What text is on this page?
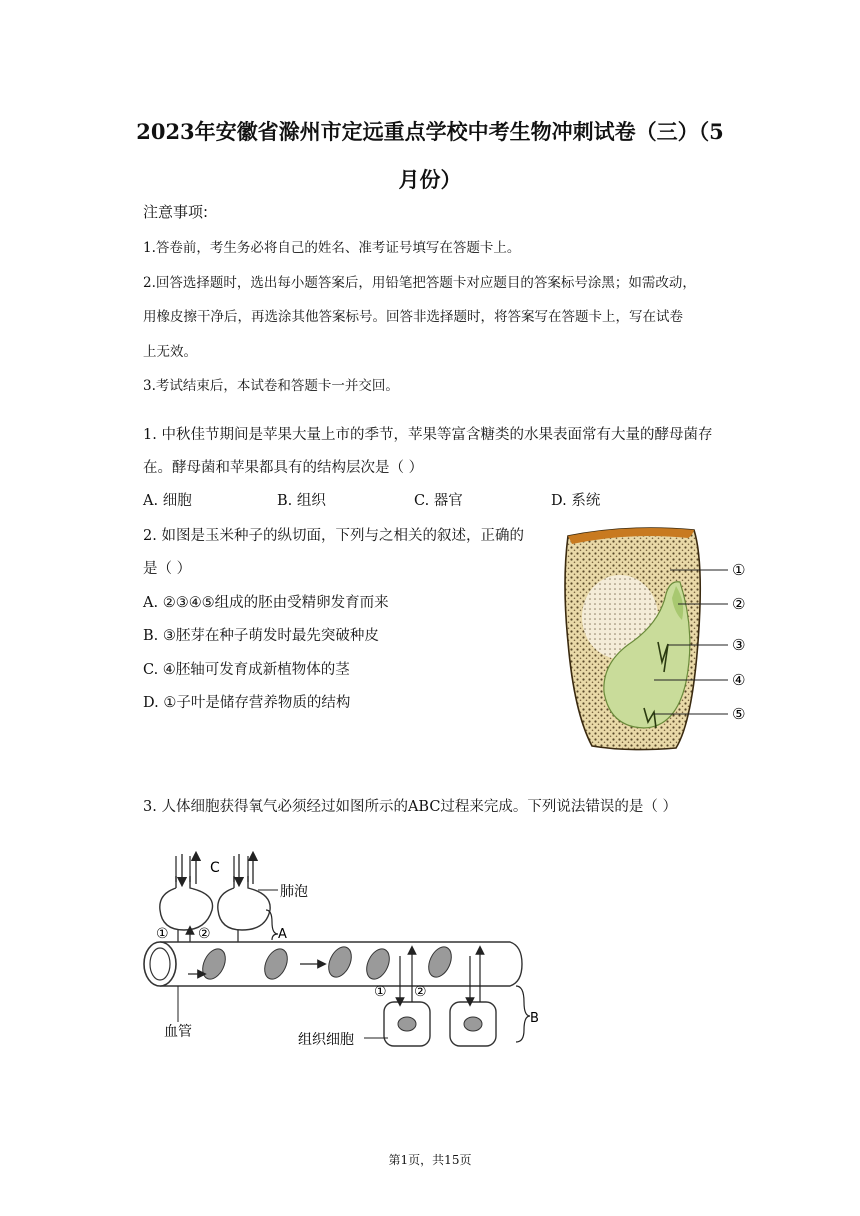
2023年安徽省滁州市定远重点学校中考生物冲刺试卷（三）（5
月份）
注意事项:
1.答卷前，考生务必将自己的姓名、准考证号填写在答题卡上。
2.回答选择题时，选出每小题答案后，用铅笔把答题卡对应题目的答案标号涂黑；如需改动，
用橡皮擦干净后，再选涂其他答案标号。回答非选择题时，将答案写在答题卡上，写在试卷
上无效。
3.考试结束后，本试卷和答题卡一并交回。
1. 中秋佳节期间是苹果大量上市的季节，苹果等富含糖类的水果表面常有大量的酵母菌存
在。酵母菌和苹果都具有的结构层次是（ ）
A. 细胞	B. 组织	C. 器官	D. 系统
2. 如图是玉米种子的纵切面，下列与之相关的叙述，正确的
是（ ）
A. ②③④⑤组成的胚由受精卵发育而来
B. ③胚芽在种子萌发时最先突破种皮
C. ④胚轴可发育成新植物体的茎
D. ①子叶是储存营养物质的结构
①
②
③
④
⑤
3. 人体细胞获得氧气必须经过如图所示的ABC过程来完成。下列说法错误的是（ ）
C
肺泡
A
① ②
B
① ②
血管	组织细胞
第1页，共15页
